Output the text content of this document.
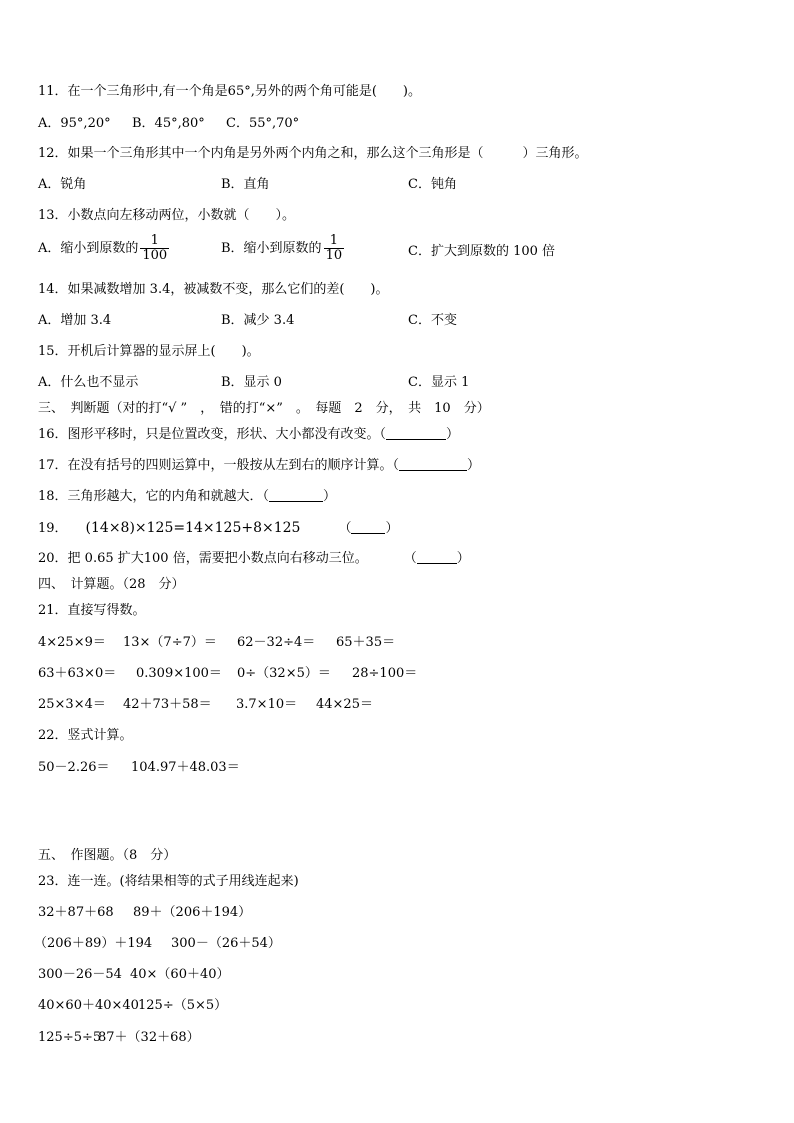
11．在一个三角形中,有一个角是65°,另外的两个角可能是(　　)。
A．95°,20° B．45°,80° C．55°,70°
12．如果一个三角形其中一个内角是另外两个内角之和，那么这个三角形是（　　　）三角形。
A．锐角	B．直角	C．钝角
13．小数点向左移动两位，小数就（　　）。
A．缩小到原数的 $\frac{1}{100}$	B．缩小到原数的 $\frac{1}{10}$	C．扩大到原数的 100 倍
14．如果减数增加 3.4，被减数不变，那么它们的差(　　)。
A．增加 3.4	B．减少 3.4	C．不变
15．开机后计算器的显示屏上(　　)。
A．什么也不显示	B．显示 0	C．显示 1
三、　判断题（对的打“√ ”　，　错的打“×”　。　每题　2　分，　共　10　分）
16．图形平移时，只是位置改变，形状、大小都没有改变。（	）
17．在没有括号的四则运算中，一般按从左到右的顺序计算。（	）
18．三角形越大，它的内角和就越大．（	）
19． (14×8)×125=14×125+8×125	（	）
20．把 0.65 扩大100 倍，需要把小数点向右移动三位。	（	）
四、　计算题。（28　分）
21．直接写得数。
4×25×9＝ 13×（7÷7）＝ 62－32÷4＝ 65＋35＝
63＋63×0＝ 0.309×100＝ 0÷（32×5）＝ 28÷100＝
25×3×4＝ 42＋73＋58＝ 3.7×10＝ 44×25＝
22．竖式计算。
50－2.26＝ 104.97＋48.03＝
五、　作图题。（8　分）
23．连一连。(将结果相等的式子用线连起来)
32＋87＋68 89＋（206＋194）
（206＋89）＋194 300－（26＋54）
300－26－54 40×（60＋40）
40×60＋40×40 125÷（5×5）
125÷5÷5
87＋（32＋68）
